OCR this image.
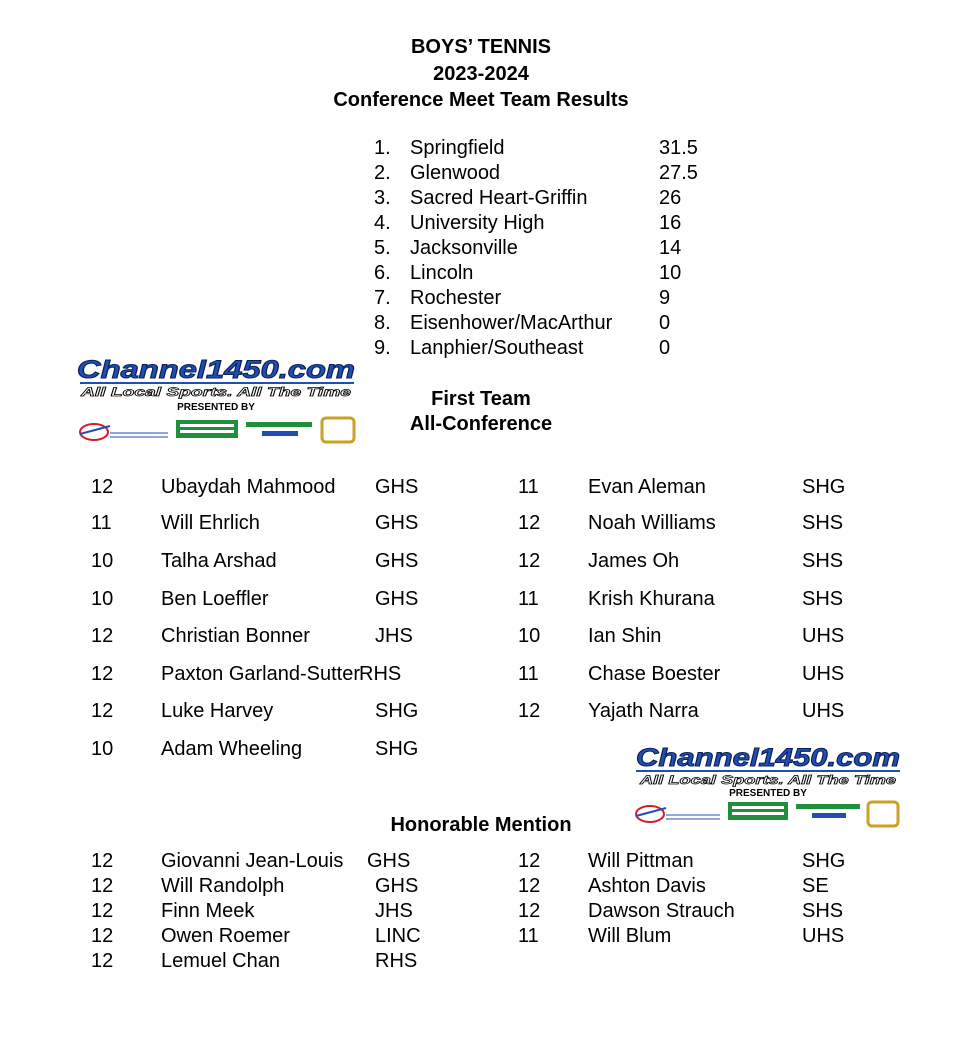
BOYS’ TENNIS
2023-2024
Conference Meet Team Results
1. Springfield	31.5
2. Glenwood	27.5
3. Sacred Heart-Griffin	26
4. University High	16
5. Jacksonville	14
6. Lincoln	10
7. Rochester	9
8. Eisenhower/MacArthur 0
9. Lanphier/Southeast	0
Channel1450.com
All Local Sports. All The Time
PRESENTED BY	First Team
All-Conference
12 Ubaydah Mahmood GHS
11 Will Ehrlich	GHS
10 Talha Arshad	GHS
10 Ben Loeffler	GHS
12 Christian Bonner	JHS
12 Paxton Garland-Sutter RHS
12 Luke Harvey	SHG
10 Adam Wheeling	SHG
11 Evan Aleman	SHG
12 Noah Williams	SHS
12 James Oh	SHS
11 Krish Khurana	SHS
10 Ian Shin	UHS
11 Chase Boester	UHS
12 Yajath Narra	UHS
Channel1450.com
All Local Sports. All The Time
PRESENTED BY
Honorable Mention
12 Giovanni Jean-Louis GHS
12 Will Randolph	GHS
12 Finn Meek	JHS
12 Owen Roemer	LINC
12 Lemuel Chan	RHS
12 Will Pittman	SHG
12 Ashton Davis	SE
12 Dawson Strauch	SHS
11 Will Blum	UHS
